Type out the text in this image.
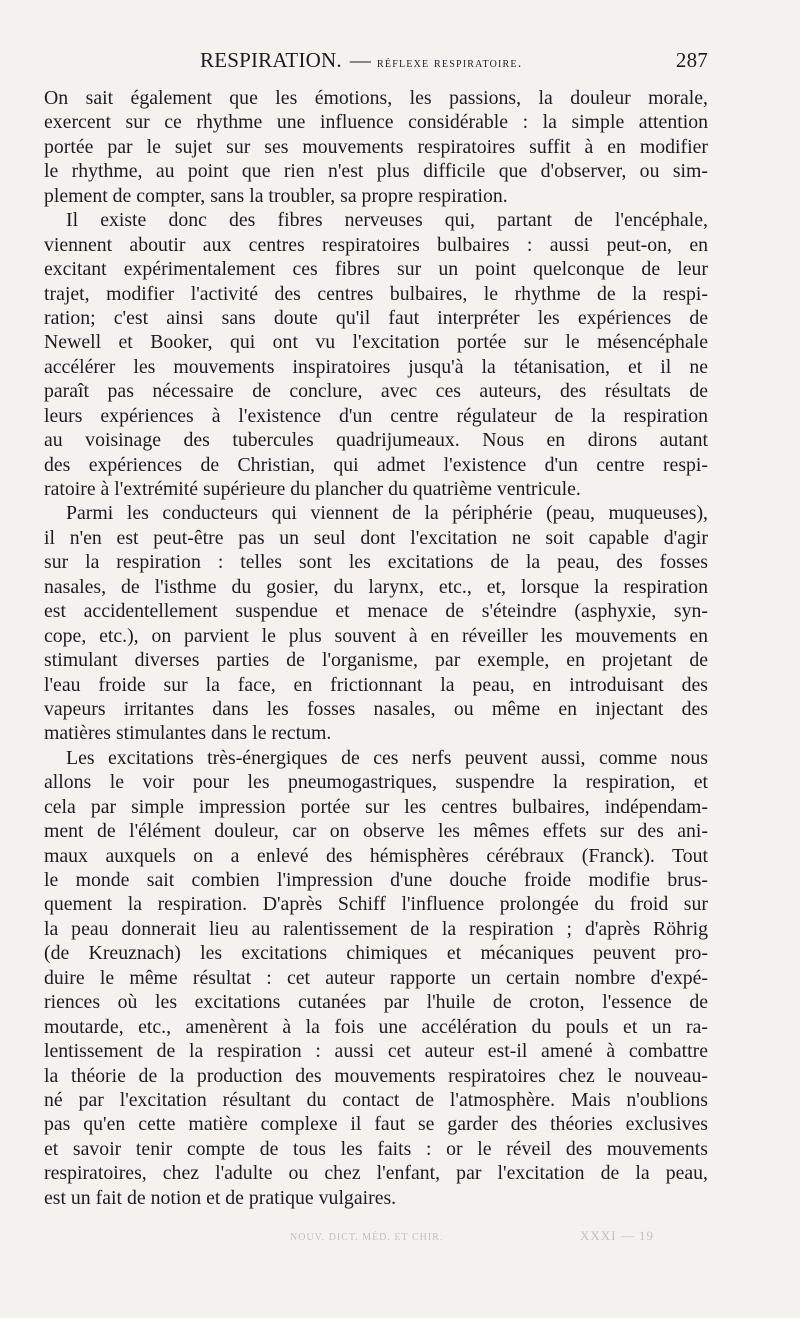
RESPIRATION. — réflexe respiratoire.	287
On sait également que les émotions, les passions, la douleur morale,
exercent sur ce rhythme une influence considérable : la simple attention
portée par le sujet sur ses mouvements respiratoires suffit à en modifier
le rhythme, au point que rien n'est plus difficile que d'observer, ou sim-
plement de compter, sans la troubler, sa propre respiration.
Il existe donc des fibres nerveuses qui, partant de l'encéphale,
viennent aboutir aux centres respiratoires bulbaires : aussi peut-on, en
excitant expérimentalement ces fibres sur un point quelconque de leur
trajet, modifier l'activité des centres bulbaires, le rhythme de la respi-
ration; c'est ainsi sans doute qu'il faut interpréter les expériences de
Newell et Booker, qui ont vu l'excitation portée sur le mésencéphale
accélérer les mouvements inspiratoires jusqu'à la tétanisation, et il ne
paraît pas nécessaire de conclure, avec ces auteurs, des résultats de
leurs expériences à l'existence d'un centre régulateur de la respiration
au voisinage des tubercules quadrijumeaux. Nous en dirons autant
des expériences de Christian, qui admet l'existence d'un centre respi-
ratoire à l'extrémité supérieure du plancher du quatrième ventricule.
Parmi les conducteurs qui viennent de la périphérie (peau, muqueuses),
il n'en est peut-être pas un seul dont l'excitation ne soit capable d'agir
sur la respiration : telles sont les excitations de la peau, des fosses
nasales, de l'isthme du gosier, du larynx, etc., et, lorsque la respiration
est accidentellement suspendue et menace de s'éteindre (asphyxie, syn-
cope, etc.), on parvient le plus souvent à en réveiller les mouvements en
stimulant diverses parties de l'organisme, par exemple, en projetant de
l'eau froide sur la face, en frictionnant la peau, en introduisant des
vapeurs irritantes dans les fosses nasales, ou même en injectant des
matières stimulantes dans le rectum.
Les excitations très-énergiques de ces nerfs peuvent aussi, comme nous
allons le voir pour les pneumogastriques, suspendre la respiration, et
cela par simple impression portée sur les centres bulbaires, indépendam-
ment de l'élément douleur, car on observe les mêmes effets sur des ani-
maux auxquels on a enlevé des hémisphères cérébraux (Franck). Tout
le monde sait combien l'impression d'une douche froide modifie brus-
quement la respiration. D'après Schiff l'influence prolongée du froid sur
la peau donnerait lieu au ralentissement de la respiration ; d'après Röhrig
(de Kreuznach) les excitations chimiques et mécaniques peuvent pro-
duire le même résultat : cet auteur rapporte un certain nombre d'expé-
riences où les excitations cutanées par l'huile de croton, l'essence de
moutarde, etc., amenèrent à la fois une accélération du pouls et un ra-
lentissement de la respiration : aussi cet auteur est-il amené à combattre
la théorie de la production des mouvements respiratoires chez le nouveau-
né par l'excitation résultant du contact de l'atmosphère. Mais n'oublions
pas qu'en cette matière complexe il faut se garder des théories exclusives
et savoir tenir compte de tous les faits : or le réveil des mouvements
respiratoires, chez l'adulte ou chez l'enfant, par l'excitation de la peau,
est un fait de notion et de pratique vulgaires.
NOUV. DICT. MÉD. ET CHIR.	XXXI — 19
